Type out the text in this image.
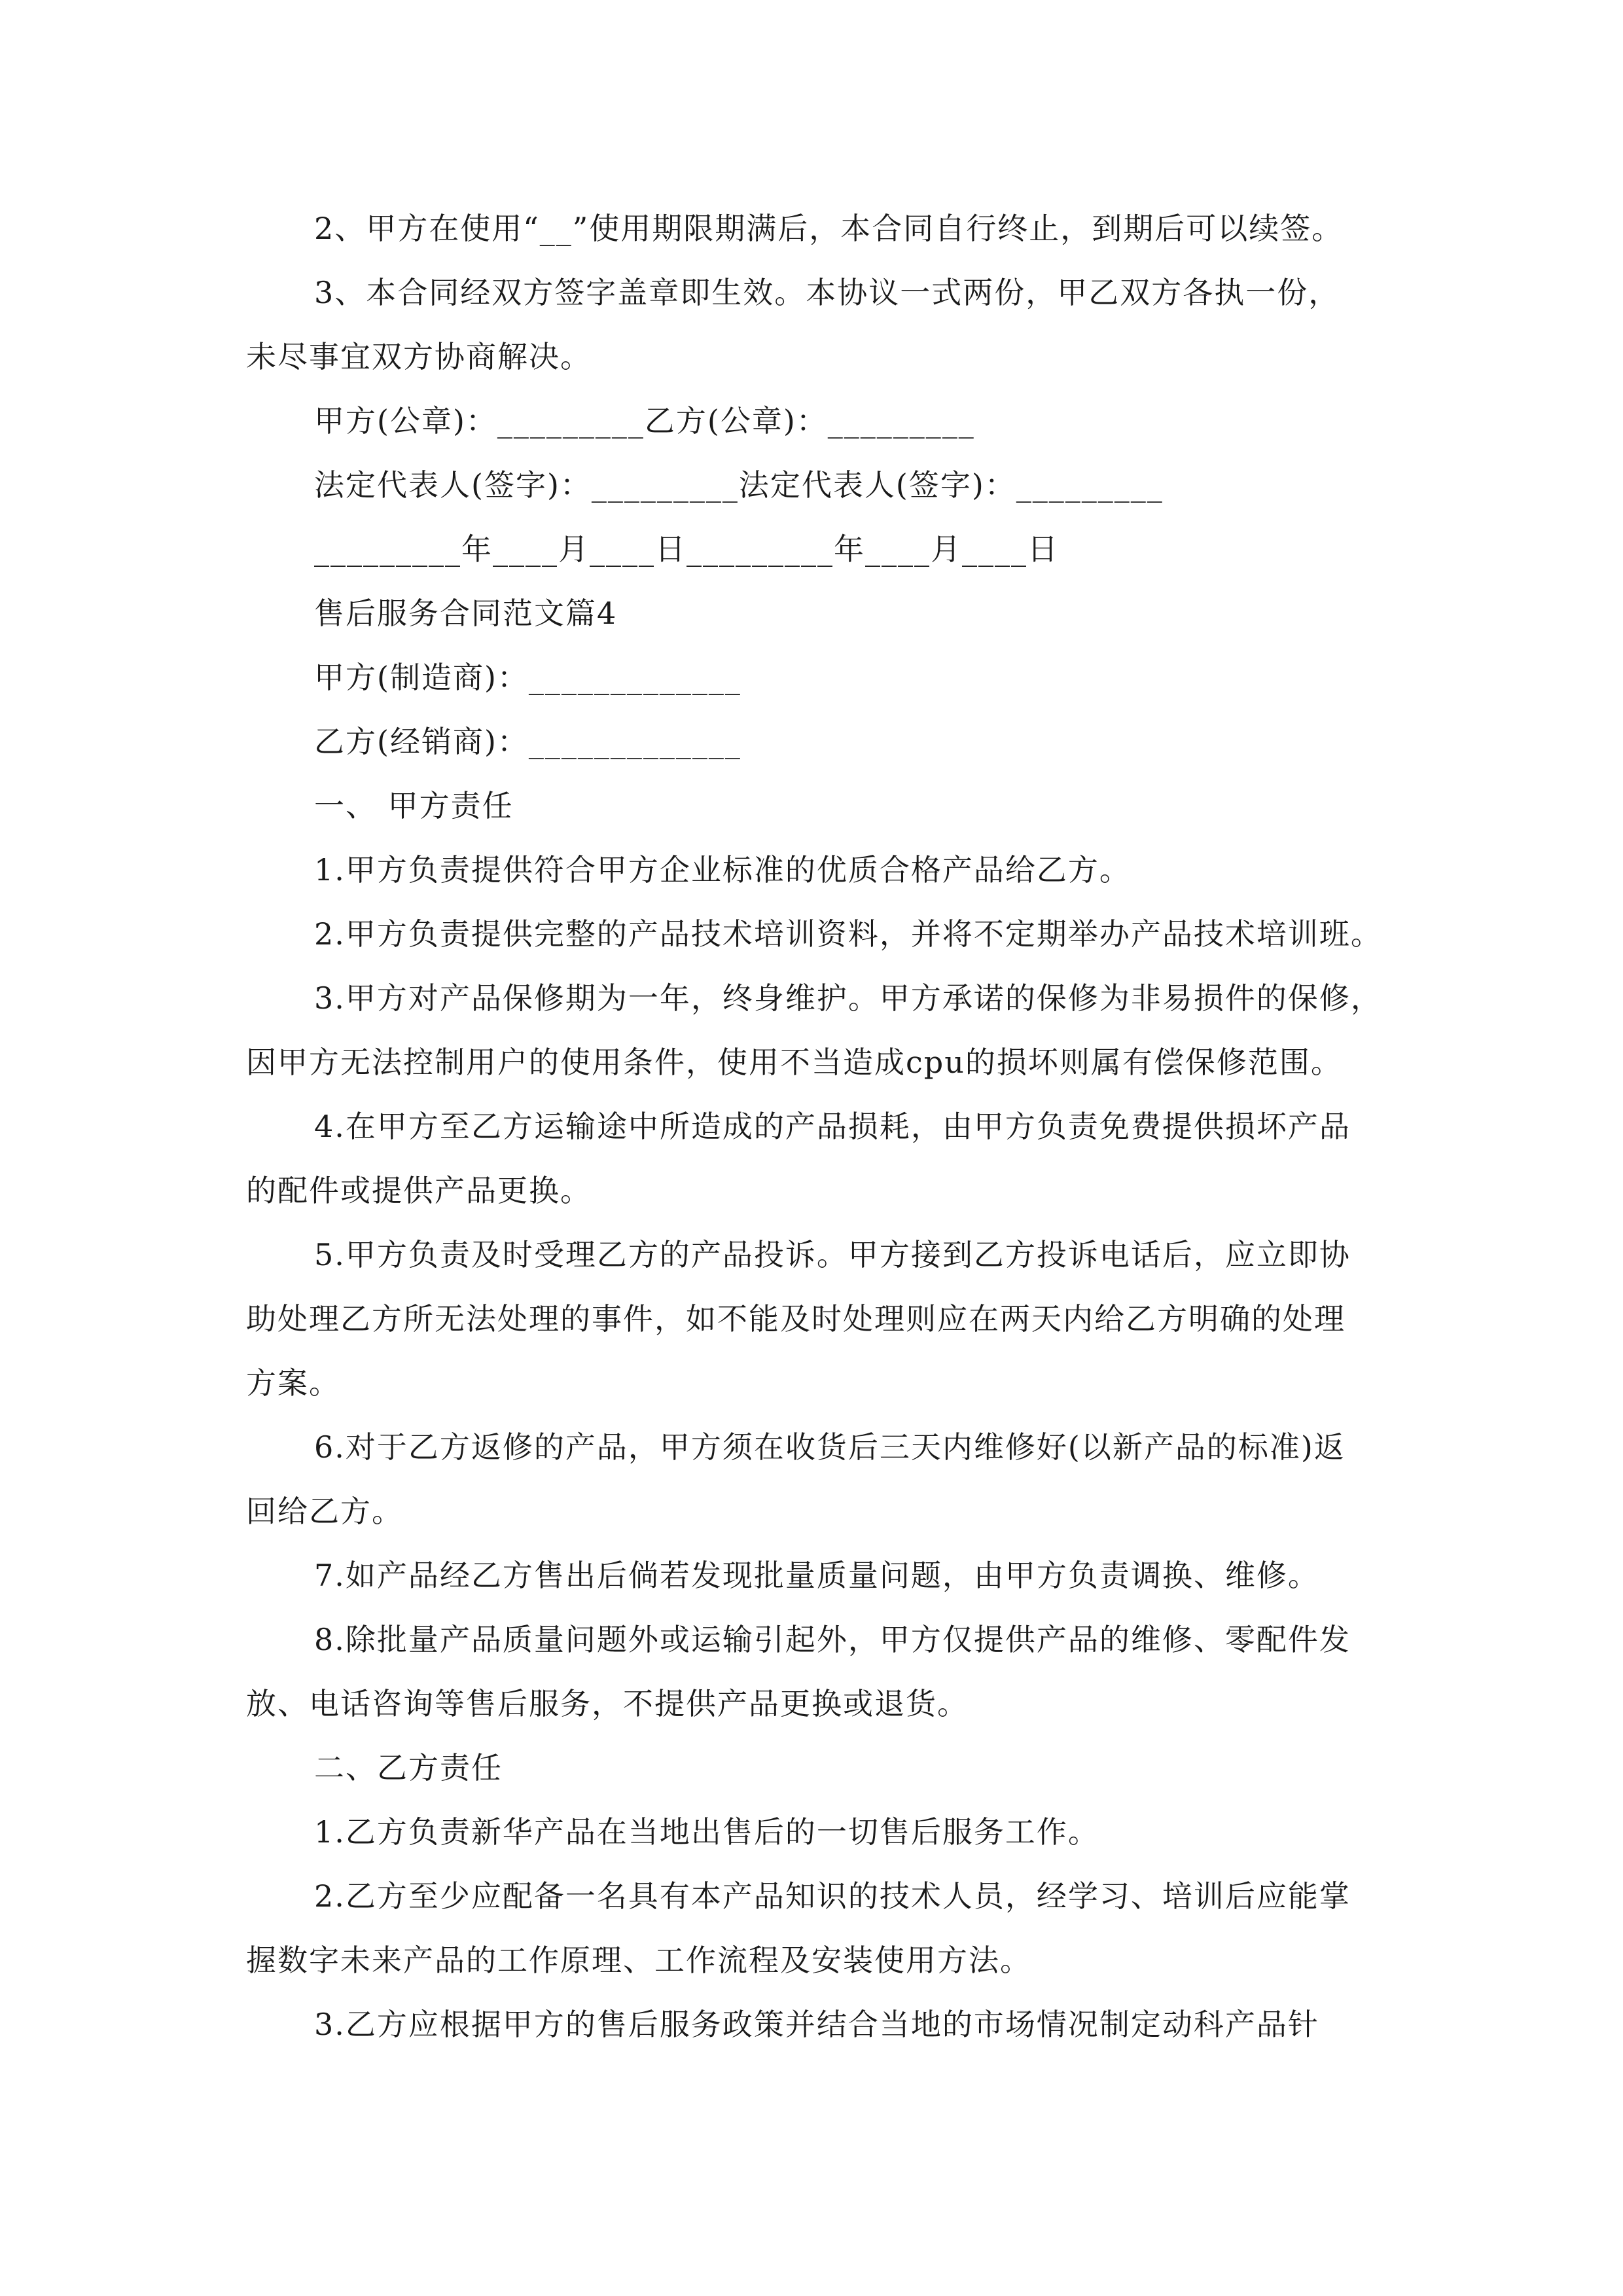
2、甲方在使用“__”使用期限期满后，本合同自行终止，到期后可以续签。
3、本合同经双方签字盖章即生效。本协议一式两份，甲乙双方各执一份，
未尽事宜双方协商解决。
甲方(公章)：_________乙方(公章)：_________
法定代表人(签字)：_________法定代表人(签字)：_________
_________年____月____日_________年____月____日
售后服务合同范文篇4
甲方(制造商)：_____________
乙方(经销商)：_____________
一、 甲方责任
1.甲方负责提供符合甲方企业标准的优质合格产品给乙方。
2.甲方负责提供完整的产品技术培训资料，并将不定期举办产品技术培训班。
3.甲方对产品保修期为一年，终身维护。甲方承诺的保修为非易损件的保修，
因甲方无法控制用户的使用条件，使用不当造成cpu的损坏则属有偿保修范围。
4.在甲方至乙方运输途中所造成的产品损耗，由甲方负责免费提供损坏产品
的配件或提供产品更换。
5.甲方负责及时受理乙方的产品投诉。甲方接到乙方投诉电话后，应立即协
助处理乙方所无法处理的事件，如不能及时处理则应在两天内给乙方明确的处理
方案。
6.对于乙方返修的产品，甲方须在收货后三天内维修好(以新产品的标准)返
回给乙方。
7.如产品经乙方售出后倘若发现批量质量问题，由甲方负责调换、维修。
8.除批量产品质量问题外或运输引起外，甲方仅提供产品的维修、零配件发
放、电话咨询等售后服务，不提供产品更换或退货。
二、乙方责任
1.乙方负责新华产品在当地出售后的一切售后服务工作。
2.乙方至少应配备一名具有本产品知识的技术人员，经学习、培训后应能掌
握数字未来产品的工作原理、工作流程及安装使用方法。
3.乙方应根据甲方的售后服务政策并结合当地的市场情况制定动科产品针
